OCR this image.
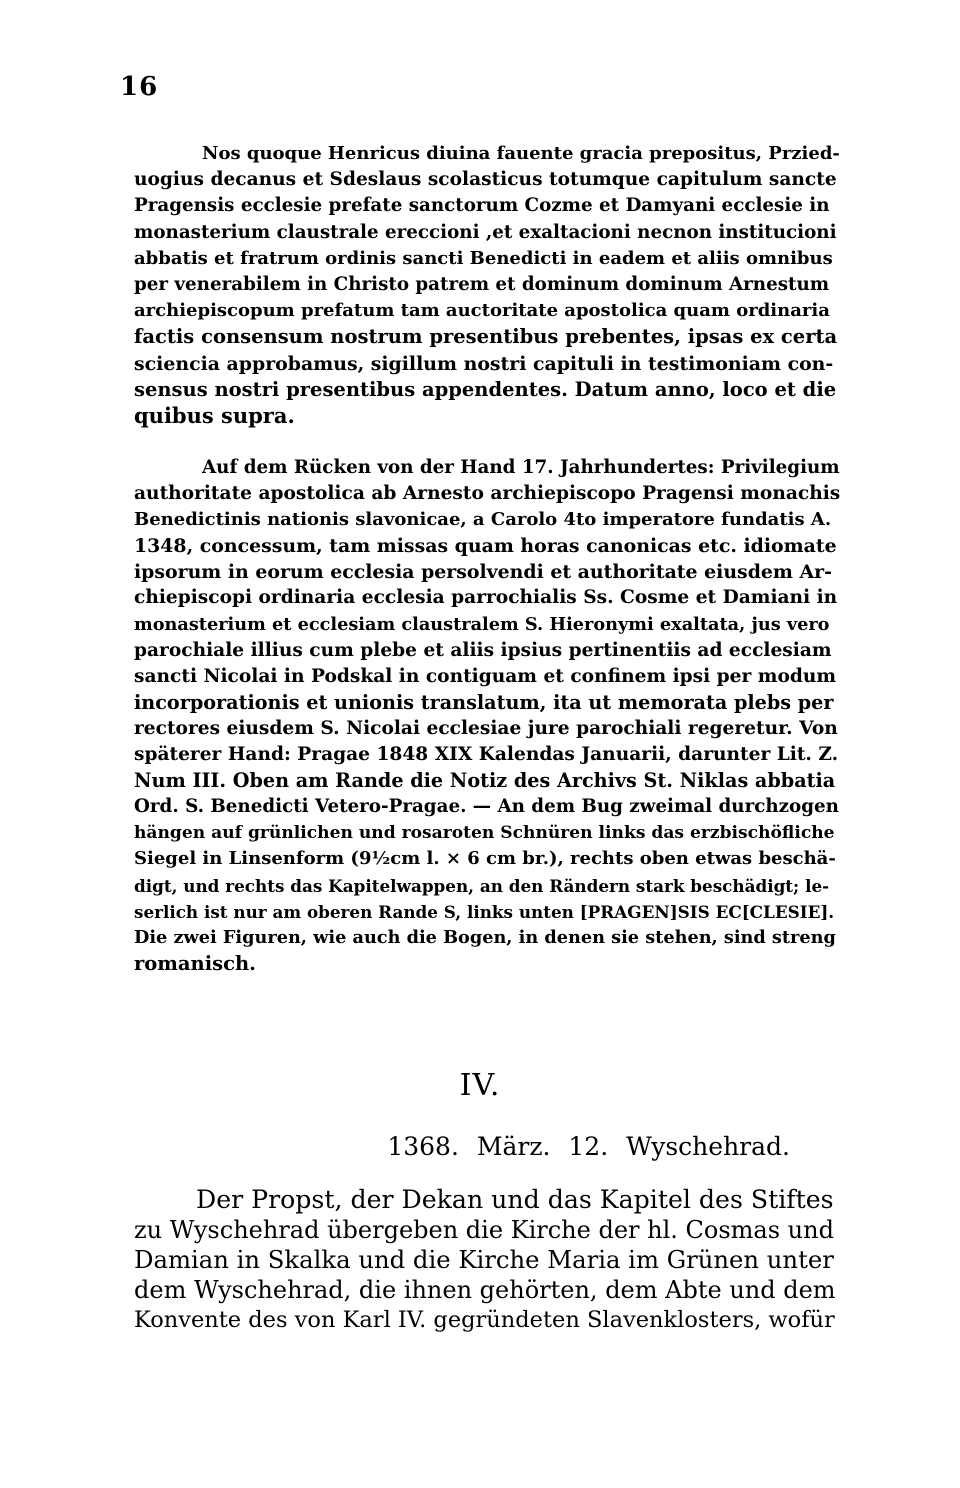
16
Nos quoque Henricus diuina fauente gracia prepositus, Przied-
uogius decanus et Sdeslaus scolasticus totumque capitulum sancte
Pragensis ecclesie prefate sanctorum Cozme et Damyani ecclesie in
monasterium claustrale ereccioni ,et exaltacioni necnon institucioni
abbatis et fratrum ordinis sancti Benedicti in eadem et aliis omnibus
per venerabilem in Christo patrem et dominum dominum Arnestum
archiepiscopum prefatum tam auctoritate apostolica quam ordinaria
factis consensum nostrum presentibus prebentes, ipsas ex certa
sciencia approbamus, sigillum nostri capituli in testimoniam con-
sensus nostri presentibus appendentes. Datum anno, loco et die
quibus supra.
Auf dem Rücken von der Hand 17. Jahrhundertes: Privilegium
authoritate apostolica ab Arnesto archiepiscopo Pragensi monachis
Benedictinis nationis slavonicae, a Carolo 4to imperatore fundatis A.
1348, concessum, tam missas quam horas canonicas etc. idiomate
ipsorum in eorum ecclesia persolvendi et authoritate eiusdem Ar-
chiepiscopi ordinaria ecclesia parrochialis Ss. Cosme et Damiani in
monasterium et ecclesiam claustralem S. Hieronymi exaltata, jus vero
parochiale illius cum plebe et aliis ipsius pertinentiis ad ecclesiam
sancti Nicolai in Podskal in contiguam et confinem ipsi per modum
incorporationis et unionis translatum, ita ut memorata plebs per
rectores eiusdem S. Nicolai ecclesiae jure parochiali regeretur. Von
späterer Hand: Pragae 1848 XIX Kalendas Januarii, darunter Lit. Z.
Num III. Oben am Rande die Notiz des Archivs St. Niklas abbatia
Ord. S. Benedicti Vetero-Pragae. — An dem Bug zweimal durchzogen
hängen auf grünlichen und rosaroten Schnüren links das erzbischöfliche
Siegel in Linsenform (9½cm l. × 6 cm br.), rechts oben etwas beschä-
digt, und rechts das Kapitelwappen, an den Rändern stark beschädigt; le-
serlich ist nur am oberen Rande S, links unten [PRAGEN]SIS EC[CLESIE].
Die zwei Figuren, wie auch die Bogen, in denen sie stehen, sind streng
romanisch.
IV.
1368. März. 12. Wyschehrad.
Der Propst, der Dekan und das Kapitel des Stiftes
zu Wyschehrad übergeben die Kirche der hl. Cosmas und
Damian in Skalka und die Kirche Maria im Grünen unter
dem Wyschehrad, die ihnen gehörten, dem Abte und dem
Konvente des von Karl IV. gegründeten Slavenklosters, wofür
